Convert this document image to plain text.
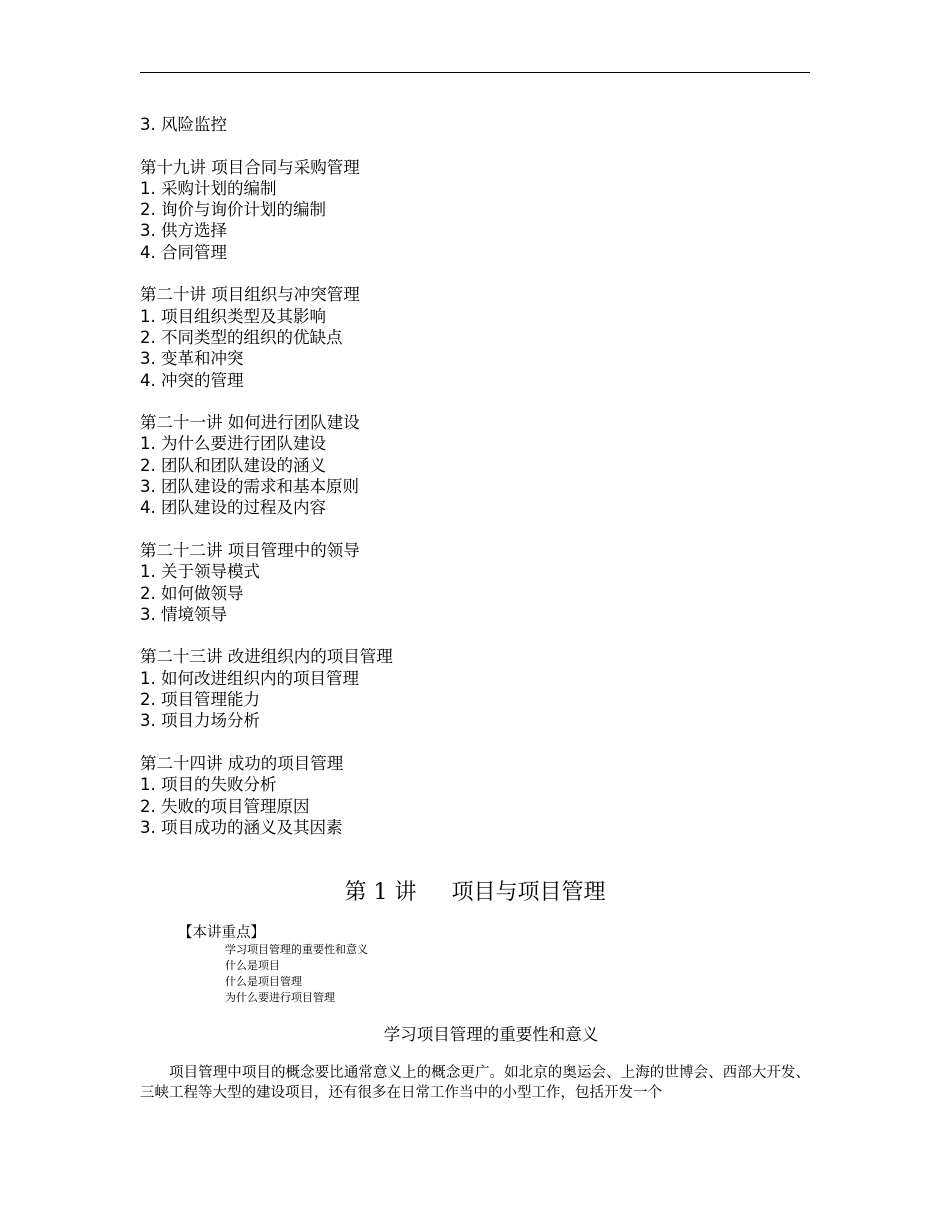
3. 风险监控
第十九讲 项目合同与采购管理
1. 采购计划的编制
2. 询价与询价计划的编制
3. 供方选择
4. 合同管理
第二十讲 项目组织与冲突管理
1. 项目组织类型及其影响
2. 不同类型的组织的优缺点
3. 变革和冲突
4. 冲突的管理
第二十一讲 如何进行团队建设
1. 为什么要进行团队建设
2. 团队和团队建设的涵义
3. 团队建设的需求和基本原则
4. 团队建设的过程及内容
第二十二讲 项目管理中的领导
1. 关于领导模式
2. 如何做领导
3. 情境领导
第二十三讲 改进组织内的项目管理
1. 如何改进组织内的项目管理
2. 项目管理能力
3. 项目力场分析
第二十四讲 成功的项目管理
1. 项目的失败分析
2. 失败的项目管理原因
3. 项目成功的涵义及其因素
第 1 讲 项目与项目管理
【本讲重点】
学习项目管理的重要性和意义
什么是项目
什么是项目管理
为什么要进行项目管理
学习项目管理的重要性和意义
项目管理中项目的概念要比通常意义上的概念更广。如北京的奥运会、上海的世博会、西部大开发、三峡工程等大型的建设项目，还有很多在日常工作当中的小型工作，包括开发一个
